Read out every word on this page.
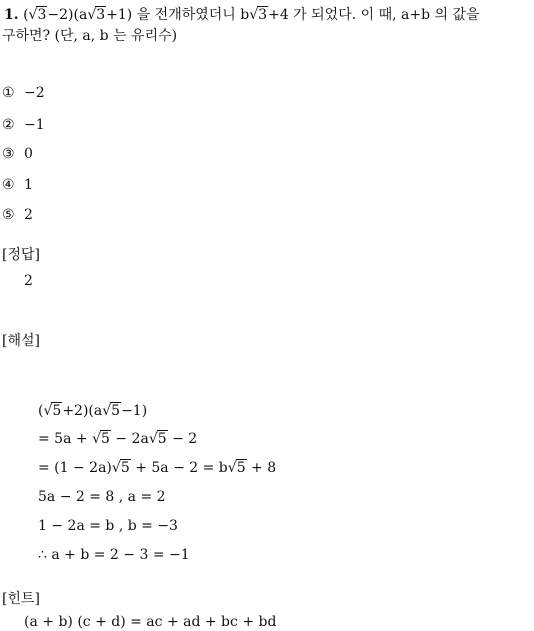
1. (√3−2)(a√3+1) 을 전개하였더니 b√3+4 가 되었다. 이 때, a+b 의 값을
구하면? (단, a, b 는 유리수)
① −2
② −1
③ 0
④ 1
⑤ 2
[정답]
2
[해설]
(√5+2)(a√5−1)
= 5a + √5 − 2a√5 − 2
= (1 − 2a)√5 + 5a − 2 = b√5 + 8
5a − 2 = 8 , a = 2
1 − 2a = b , b = −3
∴ a + b = 2 − 3 = −1
[힌트]
(a + b) (c + d) = ac + ad + bc + bd
